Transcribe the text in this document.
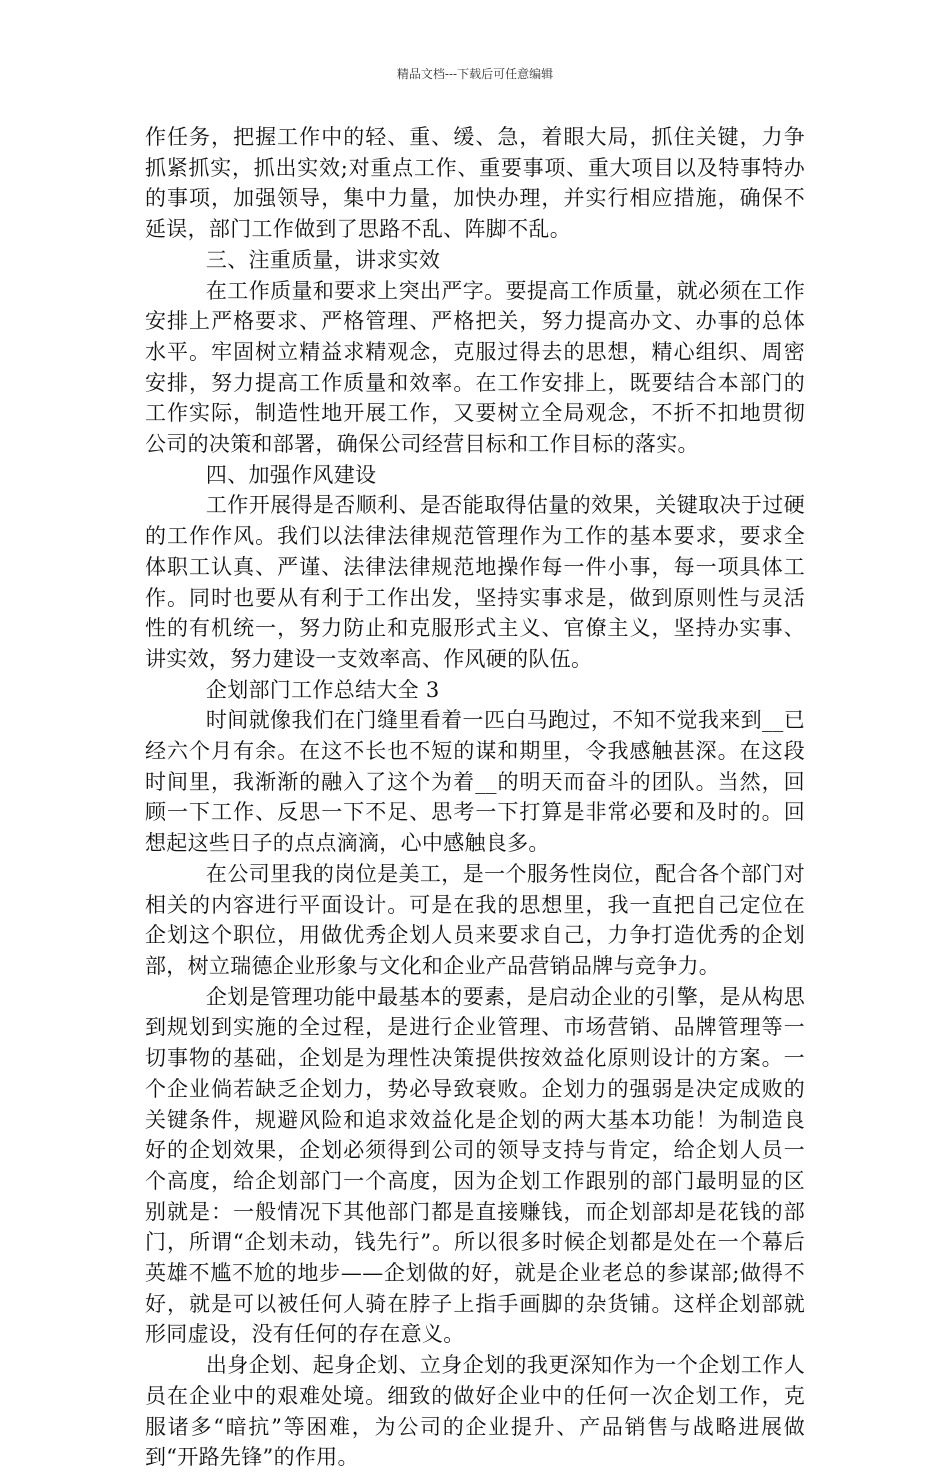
精品文档---下载后可任意编辑

作任务，把握工作中的轻、重、缓、急，着眼大局，抓住关键，力争抓紧抓实，抓出实效;对重点工作、重要事项、重大项目以及特事特办的事项，加强领导，集中力量，加快办理，并实行相应措施，确保不延误，部门工作做到了思路不乱、阵脚不乱。

三、注重质量，讲求实效

在工作质量和要求上突出严字。要提高工作质量，就必须在工作安排上严格要求、严格管理、严格把关，努力提高办文、办事的总体水平。牢固树立精益求精观念，克服过得去的思想，精心组织、周密安排，努力提高工作质量和效率。在工作安排上，既要结合本部门的工作实际，制造性地开展工作，又要树立全局观念，不折不扣地贯彻公司的决策和部署，确保公司经营目标和工作目标的落实。

四、加强作风建设

工作开展得是否顺利、是否能取得估量的效果，关键取决于过硬的工作作风。我们以法律法律规范管理作为工作的基本要求，要求全体职工认真、严谨、法律法律规范地操作每一件小事，每一项具体工作。同时也要从有利于工作出发，坚持实事求是，做到原则性与灵活性的有机统一，努力防止和克服形式主义、官僚主义，坚持办实事、讲实效，努力建设一支效率高、作风硬的队伍。

企划部门工作总结大全 3

时间就像我们在门缝里看着一匹白马跑过，不知不觉我来到__已经六个月有余。在这不长也不短的谋和期里，令我感触甚深。在这段时间里，我渐渐的融入了这个为着__的明天而奋斗的团队。当然，回顾一下工作、反思一下不足、思考一下打算是非常必要和及时的。回想起这些日子的点点滴滴，心中感触良多。

在公司里我的岗位是美工，是一个服务性岗位，配合各个部门对相关的内容进行平面设计。可是在我的思想里，我一直把自己定位在企划这个职位，用做优秀企划人员来要求自己，力争打造优秀的企划部，树立瑞德企业形象与文化和企业产品营销品牌与竞争力。

企划是管理功能中最基本的要素，是启动企业的引擎，是从构思到规划到实施的全过程，是进行企业管理、市场营销、品牌管理等一切事物的基础，企划是为理性决策提供按效益化原则设计的方案。一个企业倘若缺乏企划力，势必导致衰败。企划力的强弱是决定成败的关键条件，规避风险和追求效益化是企划的两大基本功能！为制造良好的企划效果，企划必须得到公司的领导支持与肯定，给企划人员一个高度，给企划部门一个高度，因为企划工作跟别的部门最明显的区别就是：一般情况下其他部门都是直接赚钱，而企划部却是花钱的部门，所谓“企划未动，钱先行”。所以很多时候企划都是处在一个幕后英雄不尴不尬的地步——企划做的好，就是企业老总的参谋部;做得不好，就是可以被任何人骑在脖子上指手画脚的杂货铺。这样企划部就形同虚设，没有任何的存在意义。

出身企划、起身企划、立身企划的我更深知作为一个企划工作人员在企业中的艰难处境。细致的做好企业中的任何一次企划工作，克服诸多“暗抗”等困难，为公司的企业提升、产品销售与战略进展做到“开路先锋”的作用。
